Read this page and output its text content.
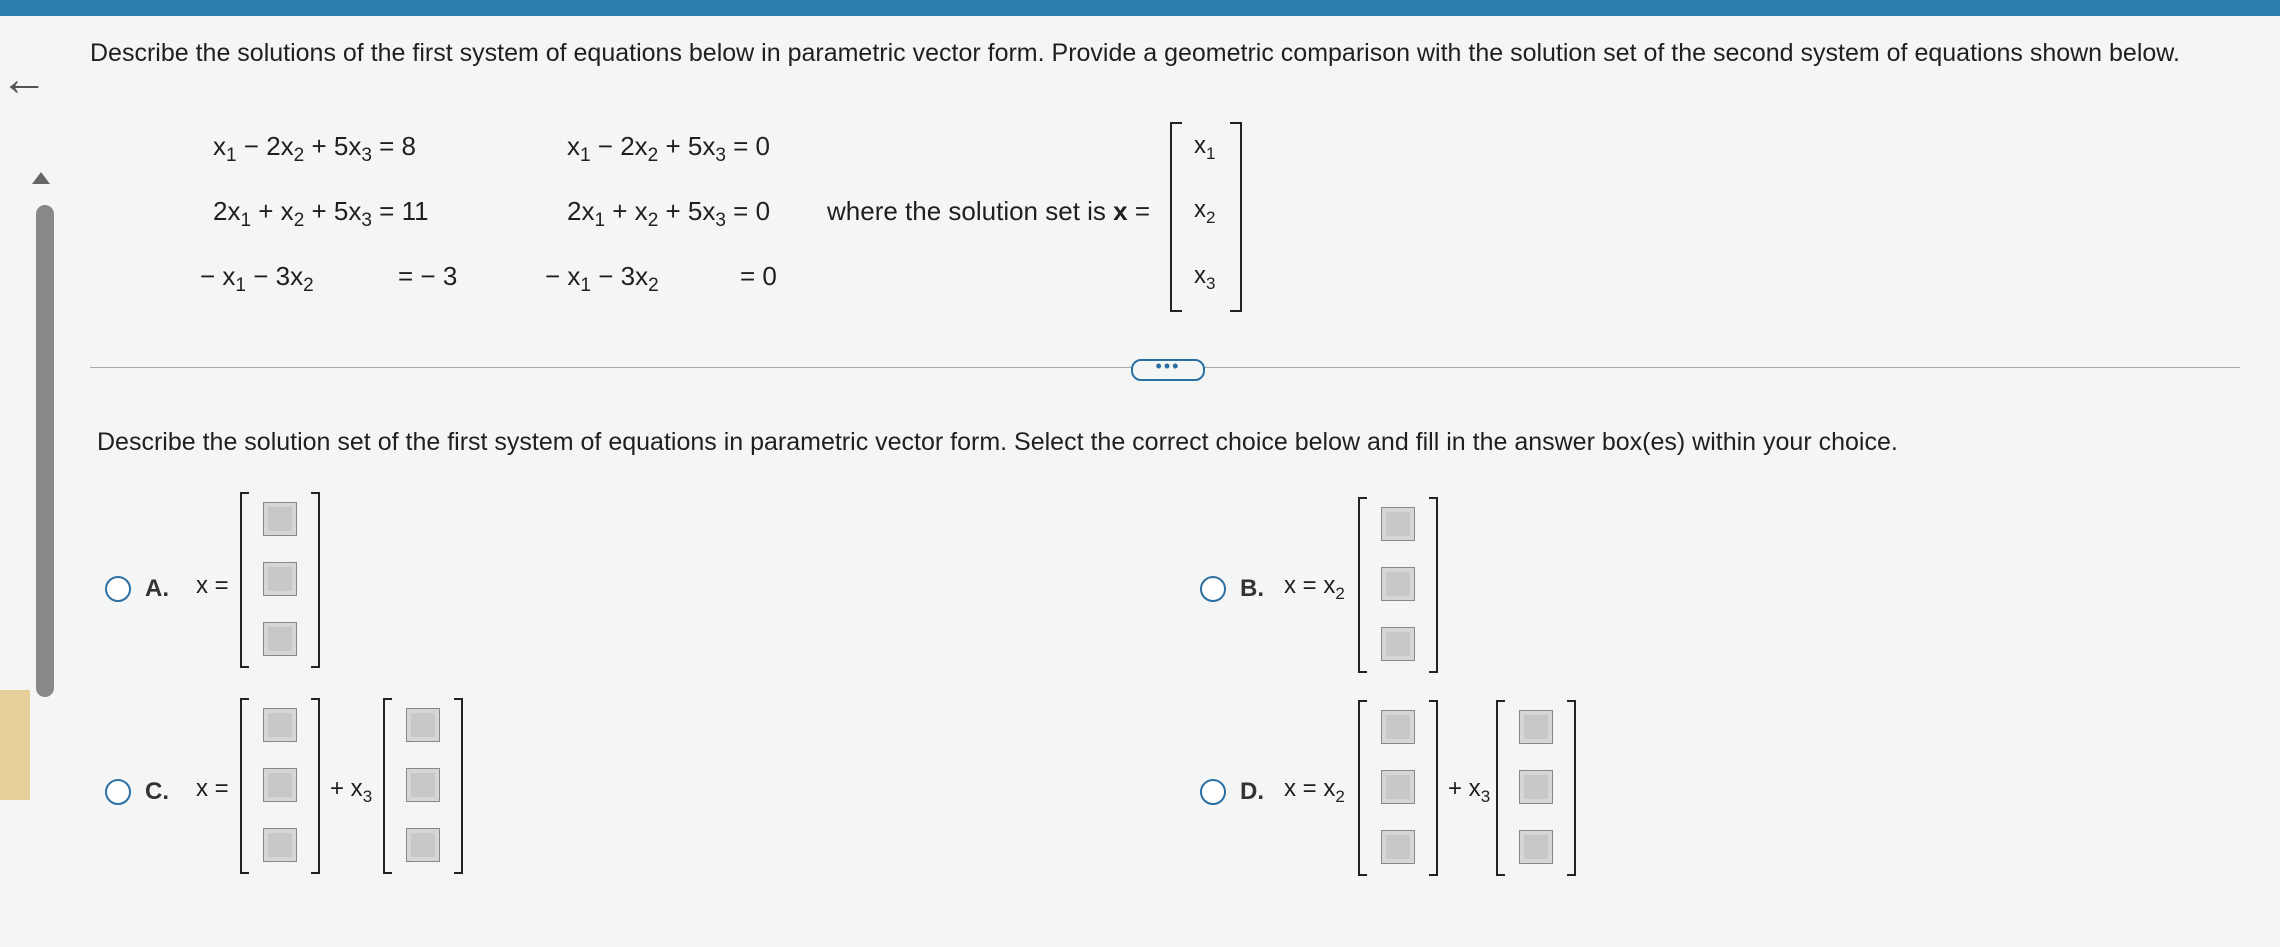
← Describe the solutions of the first system of equations below in parametric vector form. Provide a geometric comparison with the solution set of the second system of equations shown below.
$x_1 - 2x_2 + 5x_3 = 8$
$2x_1 + x_2 + 5x_3 = 11$
− $x_1 - 3x_2$	= − 3
$x_1 - 2x_2 + 5x_3 = 0$
$2x_1 + x_2 + 5x_3 = 0$
− $x_1 - 3x_2$	= 0
where the solution set is x =
$x_1$
$x_2$
$x_3$
•••
Describe the solution set of the first system of equations in parametric vector form. Select the correct choice below and fill in the answer box(es) within your choice.
A. x =	B. $x = x_2$
C. x =	+ $x_3$	D. $x = x_2$	+ $x_3$
